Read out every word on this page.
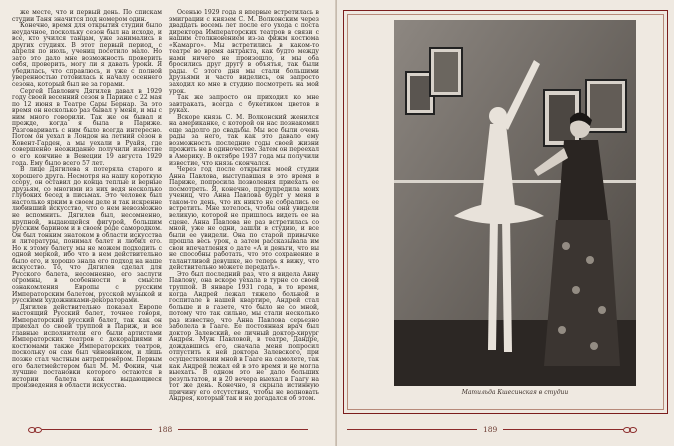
же месте, что и первый день. По спискам студии Таня значится под номером один.

Конечно, время для открытия студии было неудачное, поскольку сезон был на исходе, и все, кто учился танцам, уже занимались в других студиях. В этот первый период, с апреля по июль, учениц посетило мало. Но зато это дало мне возможность проверить себя, проверить, могу ли я давать уроки. Я убедилась, что справлюсь, и уже с полной уверенностью готовилась к началу осеннего сезона, который был не за горами.

Сергей Павлович Дягилев давал в 1929 году своей весенний сезон в Париже с 22 мая по 12 июня в Театре Сары Бернар. За это время он несколько раз бывал у меня, и мы с ним много говорили. Так же он бывал и прежде, когда я была в Париже. Разговаривать с ним было всегда интересно. Потом он уехал в Лондон на летний сезон в Ковент-Гарден, а мы уехали в Руайя, где совершенно неожиданно получили известие о его кончине в Венеции 19 августа 1929 года. Ему было всего 57 лет.

В лице Дягилева я потеряла старого и хорошего друга. Несмотря на нашу короткую ссору, он оставил до конца теплые и верные друзьям, со многими из них ведя несколько глубоких бесед в письмах. Это человек был настолько ярким в своем деле и так искренне любивший искусство, что о нем невозможно не вспомнить. Дягилев был, несомненно, крупной, выдающейся фигурой, большим русским барином и в своем роде самородком. Он был тонким знатоком в области искусства и литературы, понимал балет и любил его. Но к этому балету мы не можем подходить с одной меркой, ибо что в нем действительно было его, и хорошо знала его подход на наше искусство. То, что Дягилев сделал для Русского балета, несомненно, его заслуги огромны, в особенности в смысле ознакомления Европы с русским Императорским балетом, русской музыкой и русскими художниками-декораторами.

Дягилев действительно показал Европе настоящий Русский балет, точнее говоря, Императорский русский балет, так как он приехал со своей труппой в Париж, и все главные исполнители его были артистами Императорских театров с декорациями и костюмами также Императорских театров, поскольку он сам был чиновником, и лишь позже стал частным антрепренёром. Первым его балетмейстером был М. М. Фокин, чьи лучшие постановки которого остаются в истории балета как выдающиеся произведения в области искусства.

Осенью 1929 года я впервые встретилась в эмиграции с князем С. М. Волконским через двадцать восемь лет после его ухода с поста директора Императорских театров в связи с нашим столкновением из-за фижм костюма «Камарго». Мы встретились в каком-то театре во время антракта, как будто между нами ничего не произошло, и мы оба бросились друг другу в объятья, так были рады. С этого дня мы стали большими друзьями и часто виделись, он запросто заходил ко мне в студию посмотреть на мой урок.

Так же запросто он приходил ко мне завтракать, всегда с букетиком цветов в руках.

Вскоре князь С. М. Волконский женился на американке, с которой он нас познакомил еще задолго до свадьбы. Мы все были очень рады за него, так как это давало ему возможность последние годы своей жизни прожить не в одиночестве. Затем он переехал в Америку. В октябре 1937 года мы получили известие, что князь скончался.

Через год после открытия моей студии Анна Павлова, выступавшая в это время в Париже, попросила позволения приехать ее посмотреть. Я, конечно, предупредила моих учениц, что Анна Павлова будет у меня в таком-то день, что их никто не собрались ее встретить. Мне хотелось, чтобы они увидели великую, которой не пришлось видеть ее на сцене. Анна Павлова не раз встретилась со мной, уже не одни, зашли в студию, и все были ее увидели. Она по старой привычке прошла весь урок, а затем рассказывала им свои впечатления о дате «А и деньги, что вы не способны работать, что это сохранение в талантливой девушке, но теперь я вижу, что действительно можете передать».

Это был последний раз, что я видела Анну Павлову, она вскоре уехала в турне со своей труппой. В январе 1931 года, в то время, когда Андрей лежал тяжело больной в госпитале в нашей квартире, Андрей стал больше и в газете, что было не со мной, потому что так сильно, мы стали несколько раз известно, что Анна Павлова серьезно заболела в Гааге. Ее постоянная врач был доктор Залевский, ее личный доктор-хирург Андрея. Муж Павловой, в театре, Дандре, дождавшись его, сначала меня попросил отпустить к ней доктора Залевского, при осуществлении мной в Гааге на самолете, так как Андрей лежал ей в это время и не могла выехать. В одном это не дало больших результатов, и в 20 вечера выехал в Гаагу на тот же день. Конечно, я скрыла истинную причину его отсутствия, чтобы не волновать Андрея, который так и не догадался об этом.

188	189
Матильда Кшесинская в студии
